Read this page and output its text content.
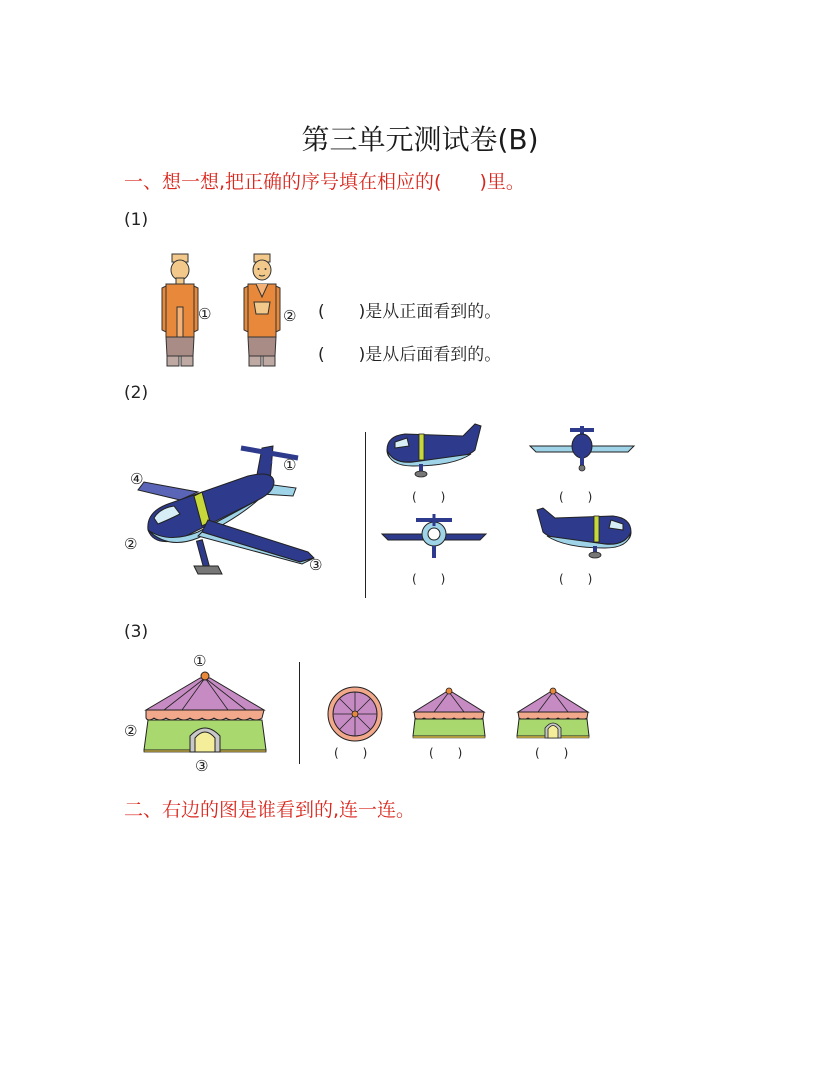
第三单元测试卷(B)
一、想一想,把正确的序号填在相应的(　　)里。
(1)
①	② (　　)是从正面看到的。
(　　)是从后面看到的。
(2)
①
②
③
④
(　　)	(　　)
(　　)	(　　)
(3)
①
②
③
(　　)	(　　)	(　　)
二、右边的图是谁看到的,连一连。
